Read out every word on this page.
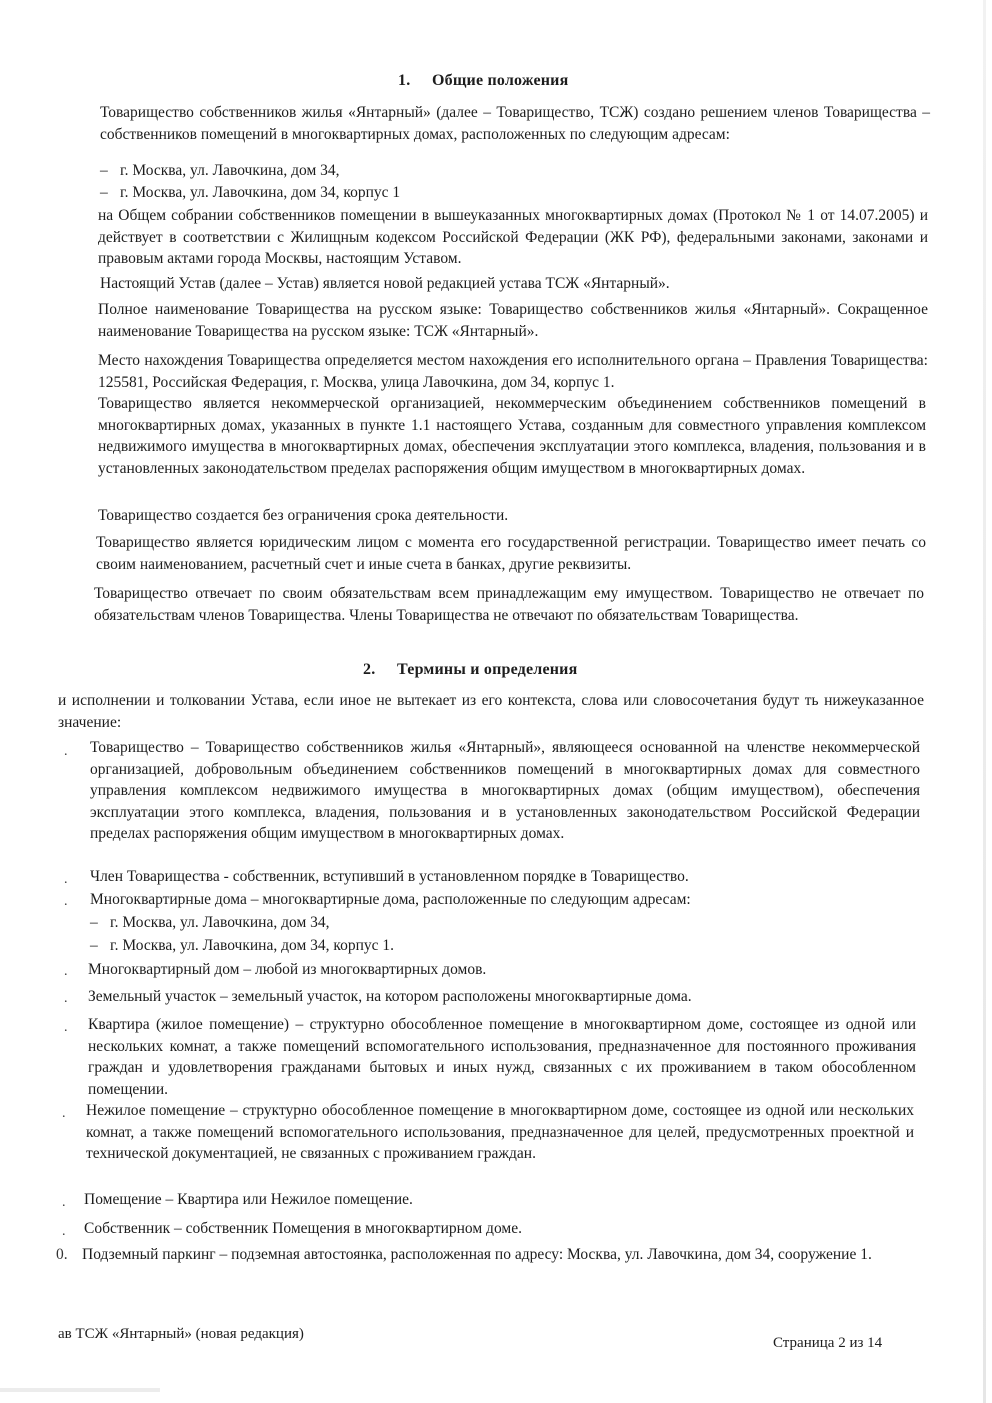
1. Общие положения
Товарищество собственников жилья «Янтарный» (далее – Товарищество, ТСЖ) создано решением членов Товарищества – собственников помещений в многоквартирных домах, расположенных по следующим адресам:
– г. Москва, ул. Лавочкина, дом 34,
– г. Москва, ул. Лавочкина, дом 34, корпус 1
на Общем собрании собственников помещении в вышеуказанных многоквартирных домах (Протокол № 1 от 14.07.2005) и действует в соответствии с Жилищным кодексом Российской Федерации (ЖК РФ), федеральными законами, законами и правовым актами города Москвы, настоящим Уставом.
Настоящий Устав (далее – Устав) является новой редакцией устава ТСЖ «Янтарный».
Полное наименование Товарищества на русском языке: Товарищество собственников жилья «Янтарный». Сокращенное наименование Товарищества на русском языке: ТСЖ «Янтарный».
Место нахождения Товарищества определяется местом нахождения его исполнительного органа – Правления Товарищества: 125581, Российская Федерация, г. Москва, улица Лавочкина, дом 34, корпус 1.
Товарищество является некоммерческой организацией, некоммерческим объединением собственников помещений в многоквартирных домах, указанных в пункте 1.1 настоящего Устава, созданным для совместного управления комплексом недвижимого имущества в многоквартирных домах, обеспечения эксплуатации этого комплекса, владения, пользования и в установленных законодательством пределах распоряжения общим имуществом в многоквартирных домах.
Товарищество создается без ограничения срока деятельности.
Товарищество является юридическим лицом с момента его государственной регистрации. Товарищество имеет печать со своим наименованием, расчетный счет и иные счета в банках, другие реквизиты.
Товарищество отвечает по своим обязательствам всем принадлежащим ему имуществом. Товарищество не отвечает по обязательствам членов Товарищества. Члены Товарищества не отвечают по обязательствам Товарищества.
2. Термины и определения
и исполнении и толковании Устава, если иное не вытекает из его контекста, слова или словосочетания будут ть нижеуказанное значение:
. Товарищество – Товарищество собственников жилья «Янтарный», являющееся основанной на членстве некоммерческой организацией, добровольным объединением собственников помещений в многоквартирных домах для совместного управления комплексом недвижимого имущества в многоквартирных домах (общим имуществом), обеспечения эксплуатации этого комплекса, владения, пользования и в установленных законодательством Российской Федерации пределах распоряжения общим имуществом в многоквартирных домах.
. Член Товарищества - собственник, вступивший в установленном порядке в Товарищество.
. Многоквартирные дома – многоквартирные дома, расположенные по следующим адресам:
– г. Москва, ул. Лавочкина, дом 34,
– г. Москва, ул. Лавочкина, дом 34, корпус 1.
. Многоквартирный дом – любой из многоквартирных домов.
. Земельный участок – земельный участок, на котором расположены многоквартирные дома.
. Квартира (жилое помещение) – структурно обособленное помещение в многоквартирном доме, состоящее из одной или нескольких комнат, а также помещений вспомогательного использования, предназначенное для постоянного проживания граждан и удовлетворения гражданами бытовых и иных нужд, связанных с их проживанием в таком обособленном помещении.
. Нежилое помещение – структурно обособленное помещение в многоквартирном доме, состоящее из одной или нескольких комнат, а также помещений вспомогательного использования, предназначенное для целей, предусмотренных проектной и технической документацией, не связанных с проживанием граждан.
. Помещение – Квартира или Нежилое помещение.
. Собственник – собственник Помещения в многоквартирном доме.
0. Подземный паркинг – подземная автостоянка, расположенная по адресу: Москва, ул. Лавочкина, дом 34, сооружение 1.
ав ТСЖ «Янтарный» (новая редакция)
Страница 2 из 14
